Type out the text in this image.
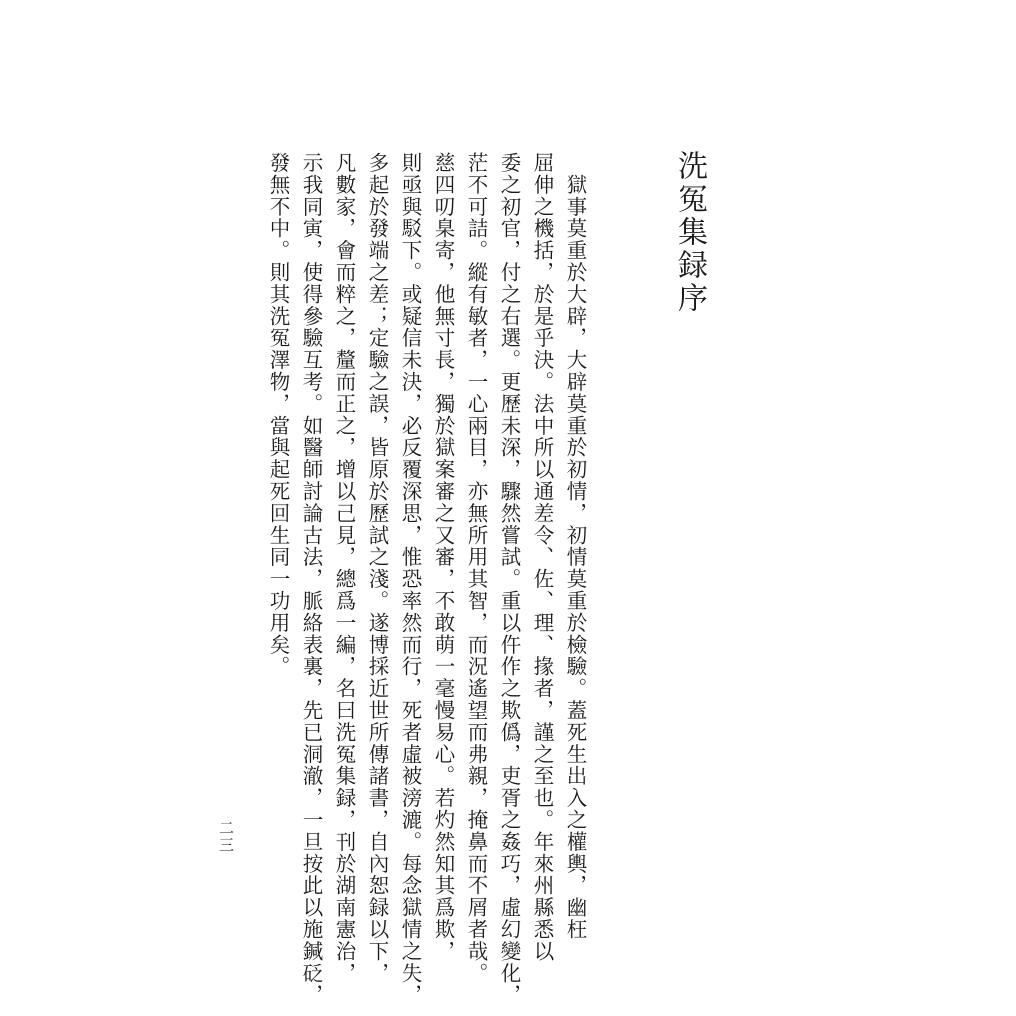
洗冤集録序
　獄事莫重於大辟，大辟莫重於初情，初情莫重於檢驗。蓋死生出入之權輿，幽枉
屈伸之機括，於是乎決。法中所以通差令、佐、理、掾者，謹之至也。年來州縣悉以
委之初官，付之右選。更歷未深，驟然嘗試。重以仵作之欺僞，吏胥之姦巧，虛幻變化，
茫不可詰。縱有敏者，一心兩目，亦無所用其智，而況遙望而弗親，掩鼻而不屑者哉。
慈四叨臬寄，他無寸長，獨於獄案審之又審，不敢萌一毫慢易心。若灼然知其爲欺，
則亟與駁下。或疑信未決，必反覆深思，惟恐率然而行，死者虛被滂漉。每念獄情之失，
多起於發端之差；定驗之誤，皆原於歷試之淺。遂博採近世所傳諸書，自內恕録以下，
凡數家，會而粹之，釐而正之，增以己見，總爲一編，名曰洗冤集録，刊於湖南憲治，
示我同寅，使得參驗互考。如醫師討論古法，脈絡表裏，先已洞澈，一旦按此以施鍼砭，
發無不中。則其洗冤澤物，當與起死回生同一功用矣。
二三
